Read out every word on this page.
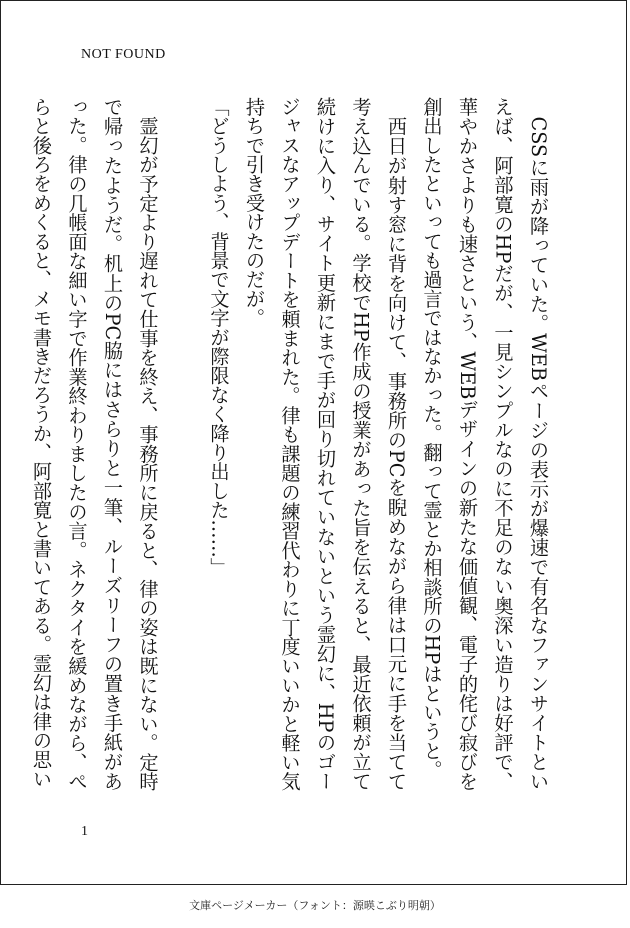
NOT FOUND

　CSSに雨が降っていた。WEBページの表示が爆速で有名なファンサイトといえば、阿部寛のHPだが、一見シンプルなのに不足のない奥深い造りは好評で、華やかさよりも速さという、WEBデザインの新たな価値観、電子的侘び寂びを創出したといっても過言ではなかった。翻って霊とか相談所のHPはというと。

　西日が射す窓に背を向けて、事務所のPCを睨めながら律は口元に手を当てて考え込んでいる。学校でHP作成の授業があった旨を伝えると、最近依頼が立て続けに入り、サイト更新にまで手が回り切れていないという霊幻に、HPのゴージャスなアップデートを頼まれた。律も課題の練習代わりに丁度いいかと軽い気持ちで引き受けたのだが。

「どうしよう、背景で文字が際限なく降り出した……」

　霊幻が予定より遅れて仕事を終え、事務所に戻ると、律の姿は既にない。定時で帰ったようだ。机上のPC脇にはさらりと一筆、ルーズリーフの置き手紙があった。律の几帳面な細い字で作業終わりましたの言。ネクタイを緩めながら、ぺらと後ろをめくると、メモ書きだろうか、阿部寛と書いてある。霊幻は律の思い

1
文庫ページメーカー（フォント：源暎こぶり明朝）
